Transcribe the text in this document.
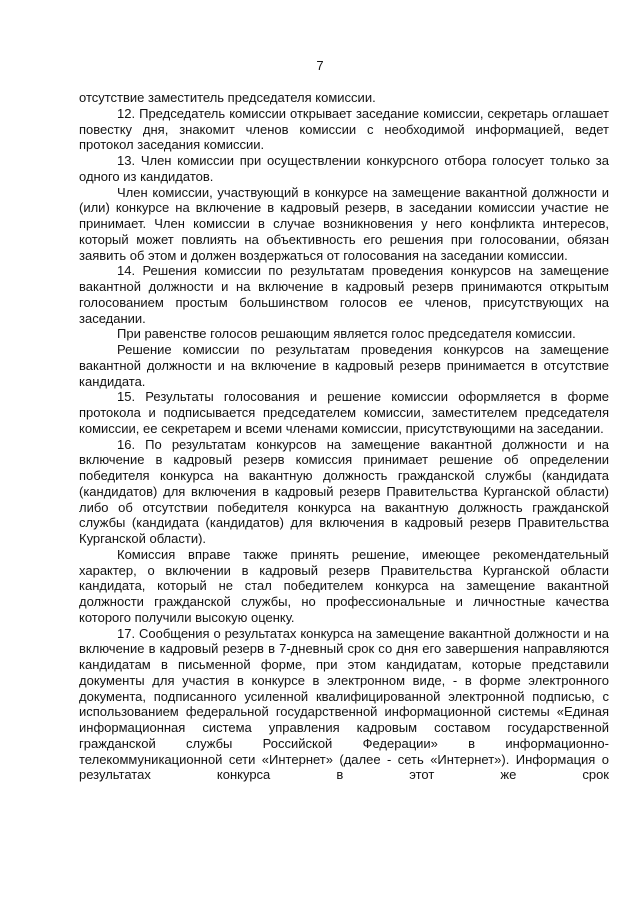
7

отсутствие заместитель председателя комиссии.

12. Председатель комиссии открывает заседание комиссии, секретарь оглашает повестку дня, знакомит членов комиссии с необходимой информацией, ведет протокол заседания комиссии.

13. Член комиссии при осуществлении конкурсного отбора голосует только за одного из кандидатов.

Член комиссии, участвующий в конкурсе на замещение вакантной должности и (или) конкурсе на включение в кадровый резерв, в заседании комиссии участие не принимает. Член комиссии в случае возникновения у него конфликта интересов, который может повлиять на объективность его решения при голосовании, обязан заявить об этом и должен воздержаться от голосования на заседании комиссии.

14. Решения комиссии по результатам проведения конкурсов на замещение вакантной должности и на включение в кадровый резерв принимаются открытым голосованием простым большинством голосов ее членов, присутствующих на заседании.

При равенстве голосов решающим является голос председателя комиссии.

Решение комиссии по результатам проведения конкурсов на замещение вакантной должности и на включение в кадровый резерв принимается в отсутствие кандидата.

15. Результаты голосования и решение комиссии оформляется в форме протокола и подписывается председателем комиссии, заместителем председателя комиссии, ее секретарем и всеми членами комиссии, присутствующими на заседании.

16. По результатам конкурсов на замещение вакантной должности и на включение в кадровый резерв комиссия принимает решение об определении победителя конкурса на вакантную должность гражданской службы (кандидата (кандидатов) для включения в кадровый резерв Правительства Курганской области) либо об отсутствии победителя конкурса на вакантную должность гражданской службы (кандидата (кандидатов) для включения в кадровый резерв Правительства Курганской области).

Комиссия вправе также принять решение, имеющее рекомендательный характер, о включении в кадровый резерв Правительства Курганской области кандидата, который не стал победителем конкурса на замещение вакантной должности гражданской службы, но профессиональные и личностные качества которого получили высокую оценку.

17. Сообщения о результатах конкурса на замещение вакантной должности и на включение в кадровый резерв в 7-дневный срок со дня его завершения направляются кандидатам в письменной форме, при этом кандидатам, которые представили документы для участия в конкурсе в электронном виде, - в форме электронного документа, подписанного усиленной квалифицированной электронной подписью, с использованием федеральной государственной информационной системы «Единая информационная система управления кадровым составом государственной гражданской службы Российской Федерации» в информационно-телекоммуникационной сети «Интернет» (далее - сеть «Интернет»). Информация о результатах конкурса в этот же срок
